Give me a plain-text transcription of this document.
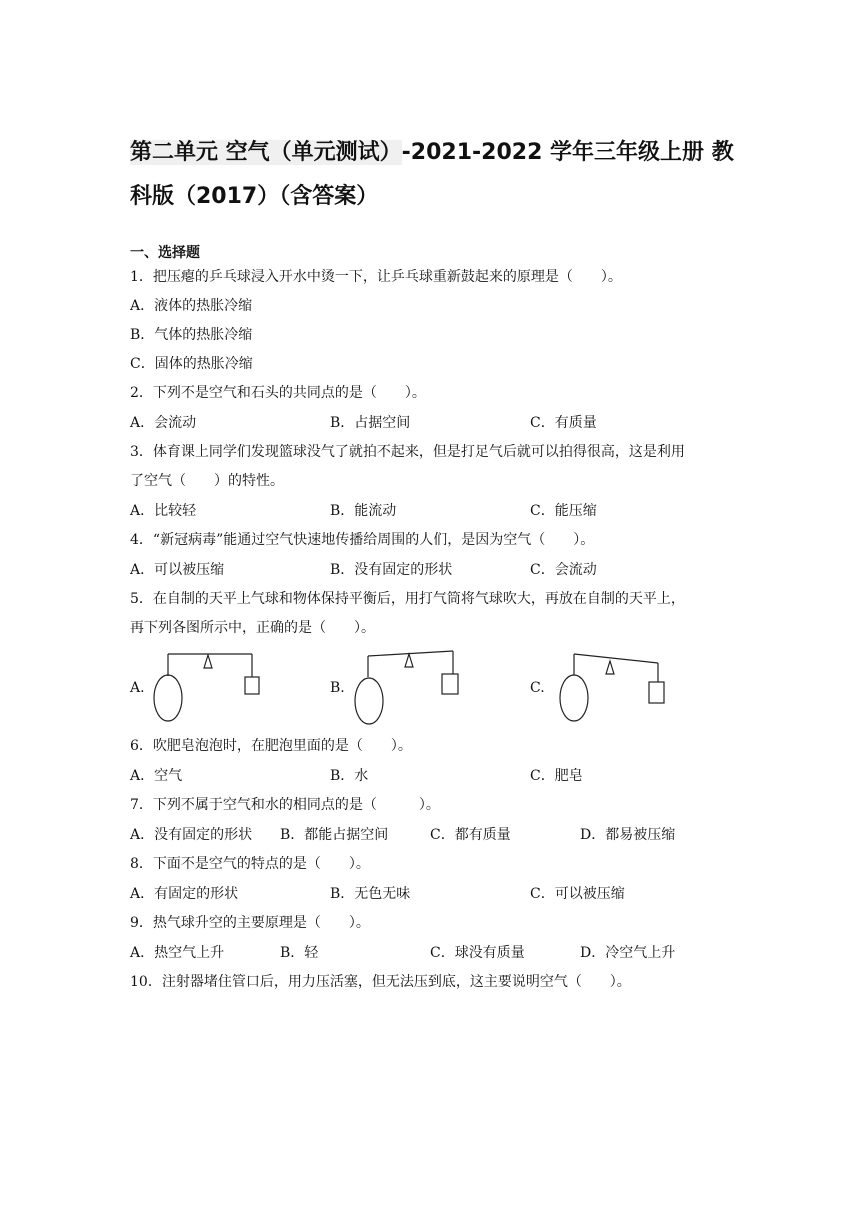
第二单元 空气（单元测试）-2021-2022 学年三年级上册 教
科版（2017）（含答案）
一、选择题
1．把压瘪的乒乓球浸入开水中烫一下，让乒乓球重新鼓起来的原理是（　　）。
A．液体的热胀冷缩
B．气体的热胀冷缩
C．固体的热胀冷缩
2．下列不是空气和石头的共同点的是（　　）。
A．会流动	B．占据空间	C．有质量
3．体育课上同学们发现篮球没气了就拍不起来，但是打足气后就可以拍得很高，这是利用
了空气（　　）的特性。
A．比较轻	B．能流动	C．能压缩
4．“新冠病毒”能通过空气快速地传播给周围的人们，是因为空气（　　）。
A．可以被压缩	B．没有固定的形状	C．会流动
5．在自制的天平上气球和物体保持平衡后，用打气筒将气球吹大，再放在自制的天平上，
再下列各图所示中，正确的是（　　）。
A.	B.	C.
6．吹肥皂泡泡时，在肥泡里面的是（　　）。
A．空气	B．水	C．肥皂
7．下列不属于空气和水的相同点的是（　　　）。
A．没有固定的形状 B．都能占据空间	C．都有质量	D．都易被压缩
8．下面不是空气的特点的是（　　）。
A．有固定的形状	B．无色无味	C．可以被压缩
9．热气球升空的主要原理是（　　）。
A．热空气上升	B．轻	C．球没有质量	D．冷空气上升
10．注射器堵住管口后，用力压活塞，但无法压到底，这主要说明空气（　　）。
